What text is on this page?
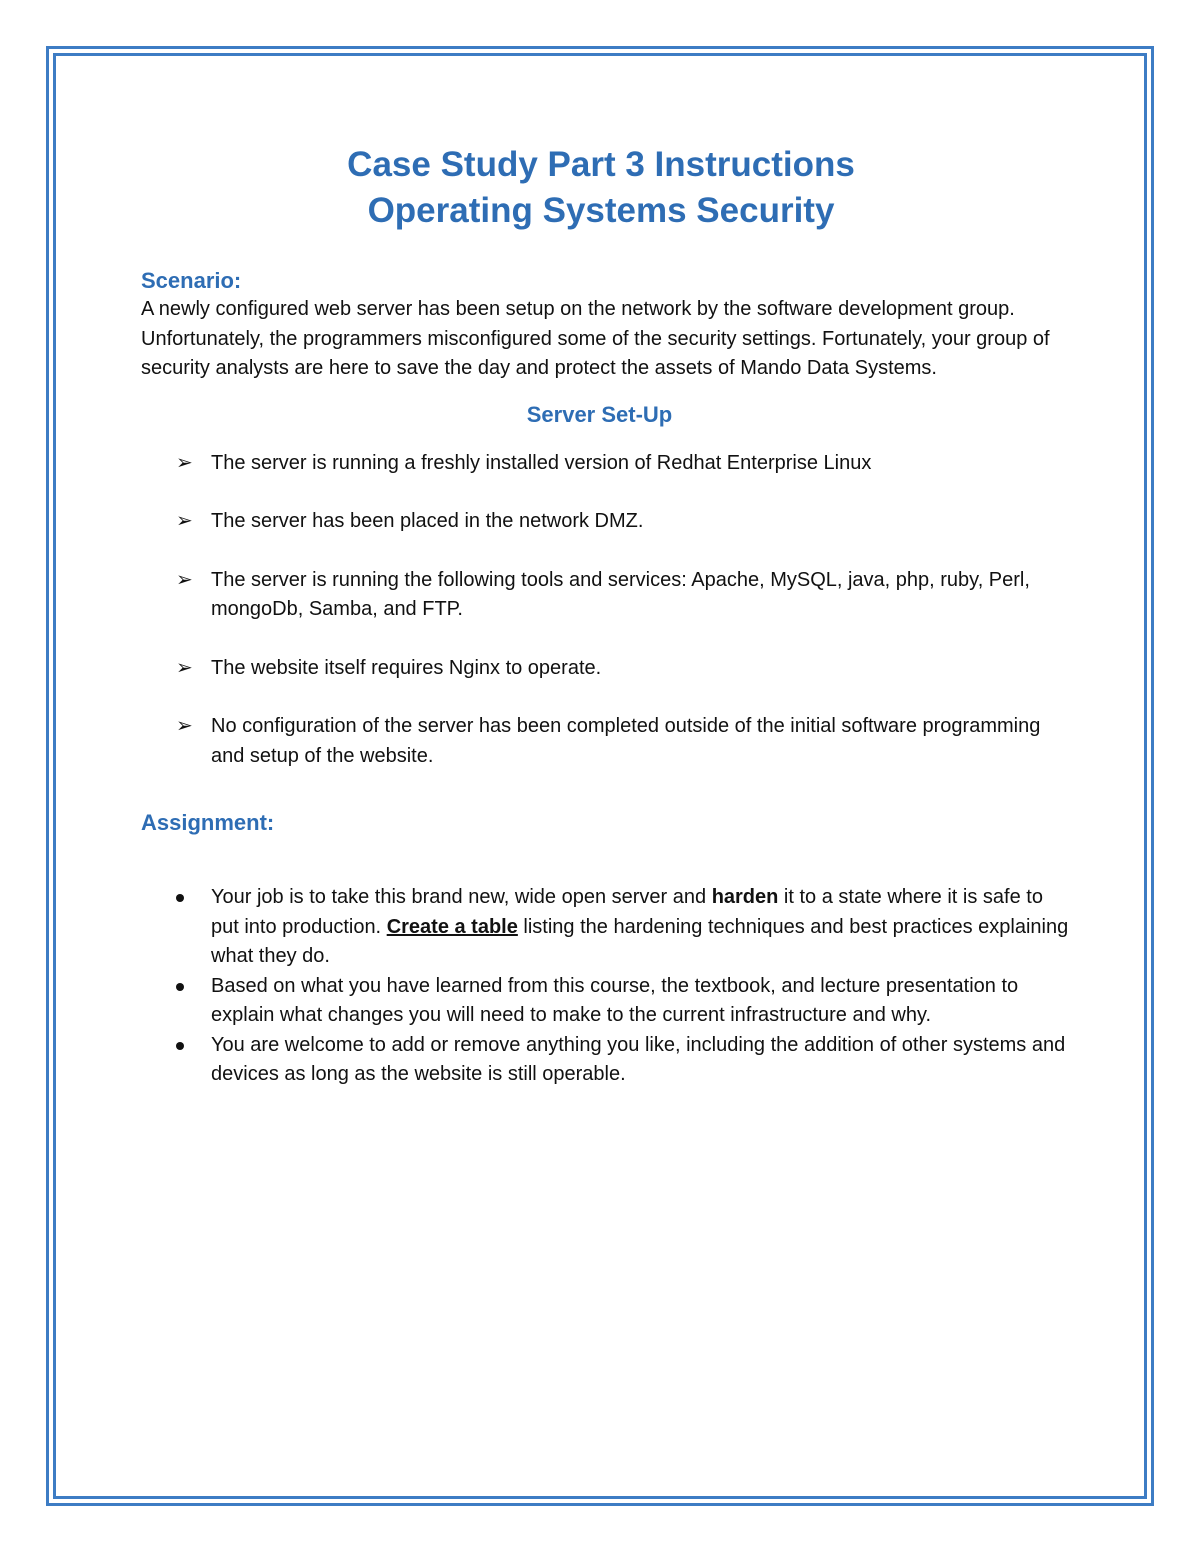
Case Study Part 3 Instructions
Operating Systems Security

Scenario:

A newly configured web server has been setup on the network by the software development group. Unfortunately, the programmers misconfigured some of the security settings. Fortunately, your group of security analysts are here to save the day and protect the assets of Mando Data Systems.

Server Set-Up

➢ The server is running a freshly installed version of Redhat Enterprise Linux
➢ The server has been placed in the network DMZ.
➢ The server is running the following tools and services: Apache, MySQL, java, php, ruby, Perl, mongoDb, Samba, and FTP.
➢ The website itself requires Nginx to operate.
➢ No configuration of the server has been completed outside of the initial software programming and setup of the website.

Assignment:

Your job is to take this brand new, wide open server and harden it to a state where it is safe to put into production. Create a table listing the hardening techniques and best practices explaining what they do.
Based on what you have learned from this course, the textbook, and lecture presentation to explain what changes you will need to make to the current infrastructure and why.
You are welcome to add or remove anything you like, including the addition of other systems and devices as long as the website is still operable.
